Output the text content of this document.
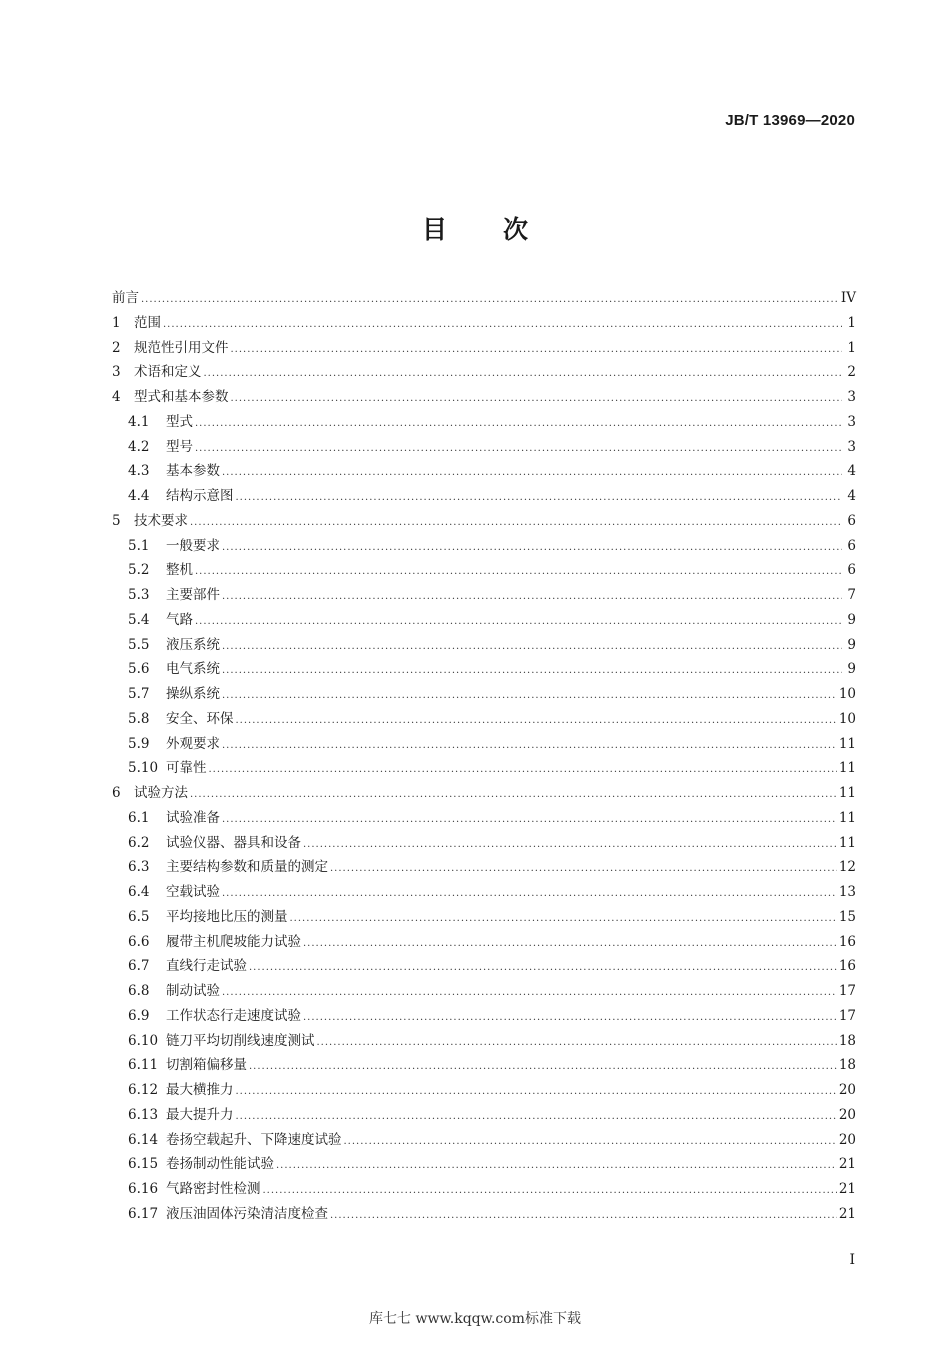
JB/T 13969—2020
目 次
前言 .....	IV
1 范围 .....	1
2 规范性引用文件 .....	1
3 术语和定义 .....	2
4 型式和基本参数 .....	3
4.1	型式 .....	3
4.2	型号 .....	3
4.3	基本参数 .....	4
4.4	结构示意图 .....	4
5 技术要求 .....	6
5.1	一般要求 .....	6
5.2	整机 .....	6
5.3	主要部件 .....	7
5.4	气路 .....	9
5.5	液压系统 .....	9
5.6	电气系统 .....	9
5.7	操纵系统 .....	10
5.8	安全、环保 .....	10
5.9	外观要求 .....	11
5.10 可靠性 .....	11
6 试验方法 .....	11
6.1	试验准备 .....	11
6.2	试验仪器、器具和设备 .....	11
6.3	主要结构参数和质量的测定 .....	12
6.4	空载试验 .....	13
6.5	平均接地比压的测量 .....	15
6.6	履带主机爬坡能力试验 .....	16
6.7	直线行走试验 .....	16
6.8	制动试验 .....	17
6.9	工作状态行走速度试验 .....	17
6.10 链刀平均切削线速度测试 .....	18
6.11 切割箱偏移量 .....	18
6.12 最大横推力 .....	20
6.13 最大提升力 .....	20
6.14 卷扬空载起升、下降速度试验 .....	20
6.15 卷扬制动性能试验 .....	21
6.16 气路密封性检测 .....	21
6.17 液压油固体污染清洁度检查 .....	21
I
库七七 www.kqqw.com标准下载
